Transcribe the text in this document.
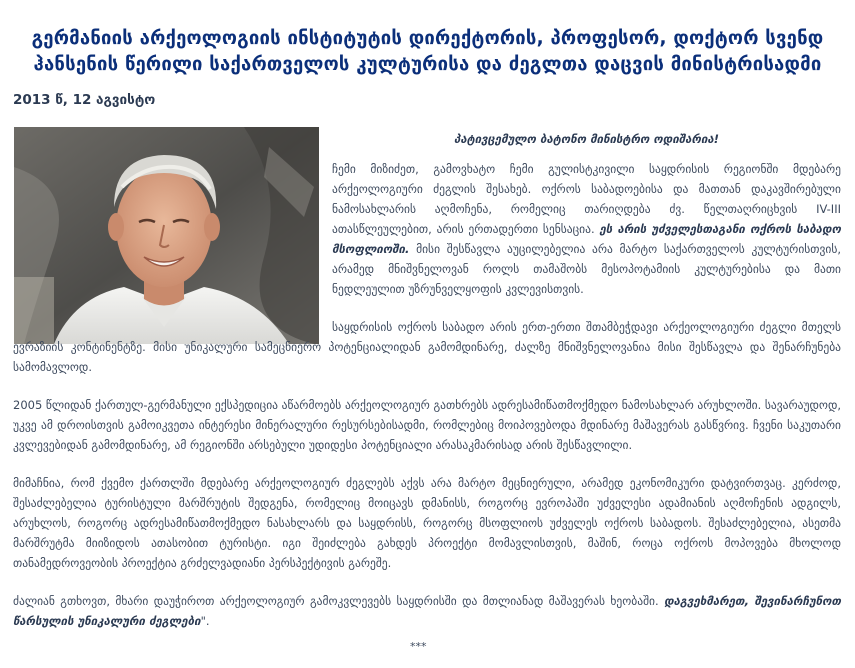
გერმანიის არქეოლოგიის ინსტიტუტის დირექტორის, პროფესორ, დოქტორ სვენდ ჰანსენის წერილი საქართველოს კულტურისა და ძეგლთა დაცვის მინისტრისადმი
2013 წ, 12 აგვისტო
პატივცემულო ბატონო მინისტრო ოდიშარია!

ჩემი მიზიძეთ, გამოვხატო ჩემი გულისტკივილი საყდრისის რეგიონში მდებარე არქეოლოგიური ძეგლის შესახებ. ოქროს საბადოებისა და მათთან დაკავშირებული ნამოსახლარის აღმოჩენა, რომელიც თარიღდება ძვ. წელთაღრიცხვის IV-III ათასწლეულებით, არის ერთადერთი სენსაცია. ეს არის უძველესთაგანი ოქროს საბადო მსოფლიოში. მისი შესწავლა აუცილებელია არა მარტო საქართველოს კულტურისთვის, არამედ მნიშვნელოვან როლს თამაშობს მესოპოტამიის კულტურებისა და მათი ნედლეულით უზრუნველყოფის კვლევისთვის.

საყდრისის ოქროს საბადო არის ერთ-ერთი შთამბეჭდავი არქეოლოგიური ძეგლი მთელს ევრაზიის კონტინენტზე. მისი უნიკალური სამეცნიერო პოტენციალიდან გამომდინარე, ძალზე მნიშვნელოვანია მისი შესწავლა და შენარჩუნება სამომავლოდ.

2005 წლიდან ქართულ-გერმანული ექსპედიცია აწარმოებს არქეოლოგიურ გათხრებს ადრესამიწათმოქმედო ნამოსახლარ არუხლოში. სავარაუდოდ, უკვე ამ დროისთვის გამოიკვეთა ინტერესი მინერალური რესურსებისადმი, რომლებიც მოიპოვებოდა მდინარე მაშავერას გასწვრივ. ჩვენი საკუთარი კვლევებიდან გამომდინარე, ამ რეგიონში არსებული უდიდესი პოტენციალი არასაკმარისად არის შესწავლილი.

მიმაჩნია, რომ ქვემო ქართლში მდებარე არქეოლოგიურ ძეგლებს აქვს არა მარტო მეცნიერული, არამედ ეკონომიკური დატვირთვაც. კერძოდ, შესაძლებელია ტურისტული მარშრუტის შედგენა, რომელიც მოიცავს დმანისს, როგორც ევროპაში უძველესი ადამიანის აღმოჩენის ადგილს, არუხლოს, როგორც ადრესამიწათმოქმედო ნასახლარს და საყდრისს, როგორც მსოფლიოს უძველეს ოქროს საბადოს. შესაძლებელია, ასეთმა მარშრუტმა მიიზიდოს ათასობით ტურისტი. იგი შეიძლება გახდეს პროექტი მომავლისთვის, მაშინ, როცა ოქროს მოპოვება მხოლოდ თანამედროვეობის პროექტია გრძელვადიანი პერსპექტივის გარეშე.

ძალიან გთხოვთ, მხარი დაუჭიროთ არქეოლოგიურ გამოკვლევებს საყდრისში და მთლიანად მაშავერას ხეობაში. დაგვეხმარეთ, შევინარჩუნოთ წარსულის უნიკალური ძეგლები".

***
